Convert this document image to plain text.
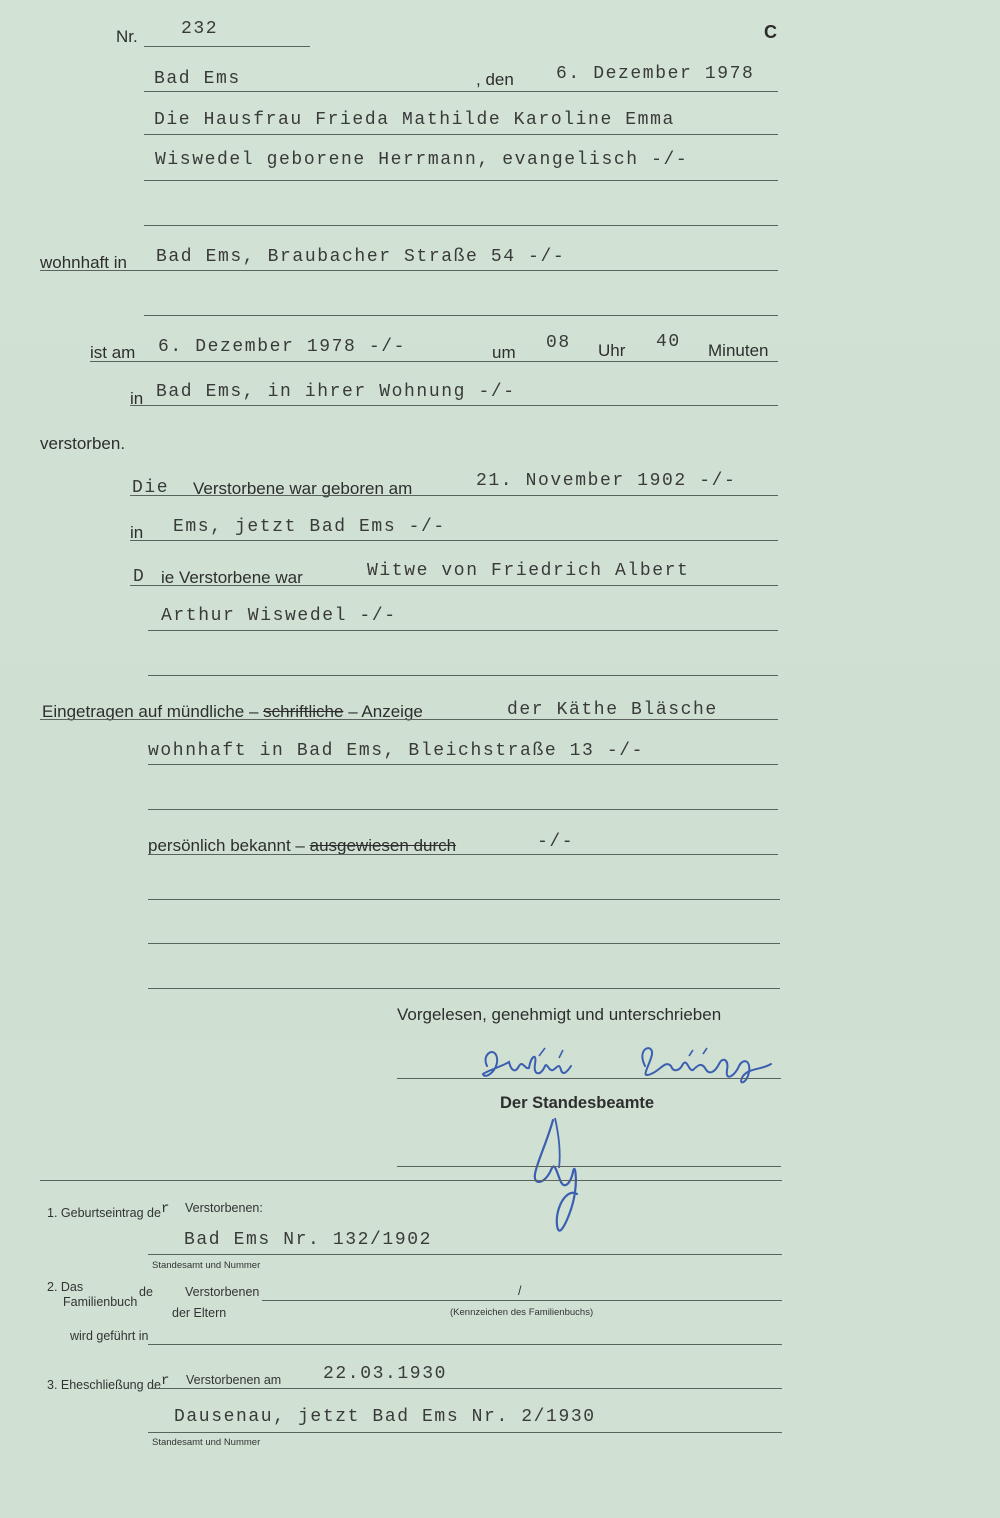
Nr. 232	C
Bad Ems	, den 6. Dezember 1978
Die Hausfrau Frieda Mathilde Karoline Emma
Wiswedel geborene Herrmann, evangelisch -/-
wohnhaft in Bad Ems, Braubacher Straße 54 -/-
ist am 6. Dezember 1978 -/-	um 08 Uhr 40 Minuten
in Bad Ems, in ihrer Wohnung -/-
verstorben.
Die Verstorbene war geboren am	21. November 1902 -/-
in Ems, jetzt Bad Ems -/-
D ie Verstorbene war	Witwe von Friedrich Albert
Arthur Wiswedel -/-
Eingetragen auf mündliche – schriftliche – Anzeige	der Käthe Bläsche
wohnhaft in Bad Ems, Bleichstraße 13 -/-
persönlich bekannt – ausgewiesen durch	-/-
Vorgelesen, genehmigt und unterschrieben
Der Standesbeamte
1. Geburtseintrag $de^r$ Verstorbenen:
Bad Ems Nr. 132/1902
Standesamt und Nummer
2. Das
Familienbuch
de	Verstorbenen
der Eltern
/
(Kennzeichen des Familienbuchs)
wird geführt in
3. Eheschließung $de^r$ Verstorbenen am 22.03.1930
Dausenau, jetzt Bad Ems Nr. 2/1930
Standesamt und Nummer
